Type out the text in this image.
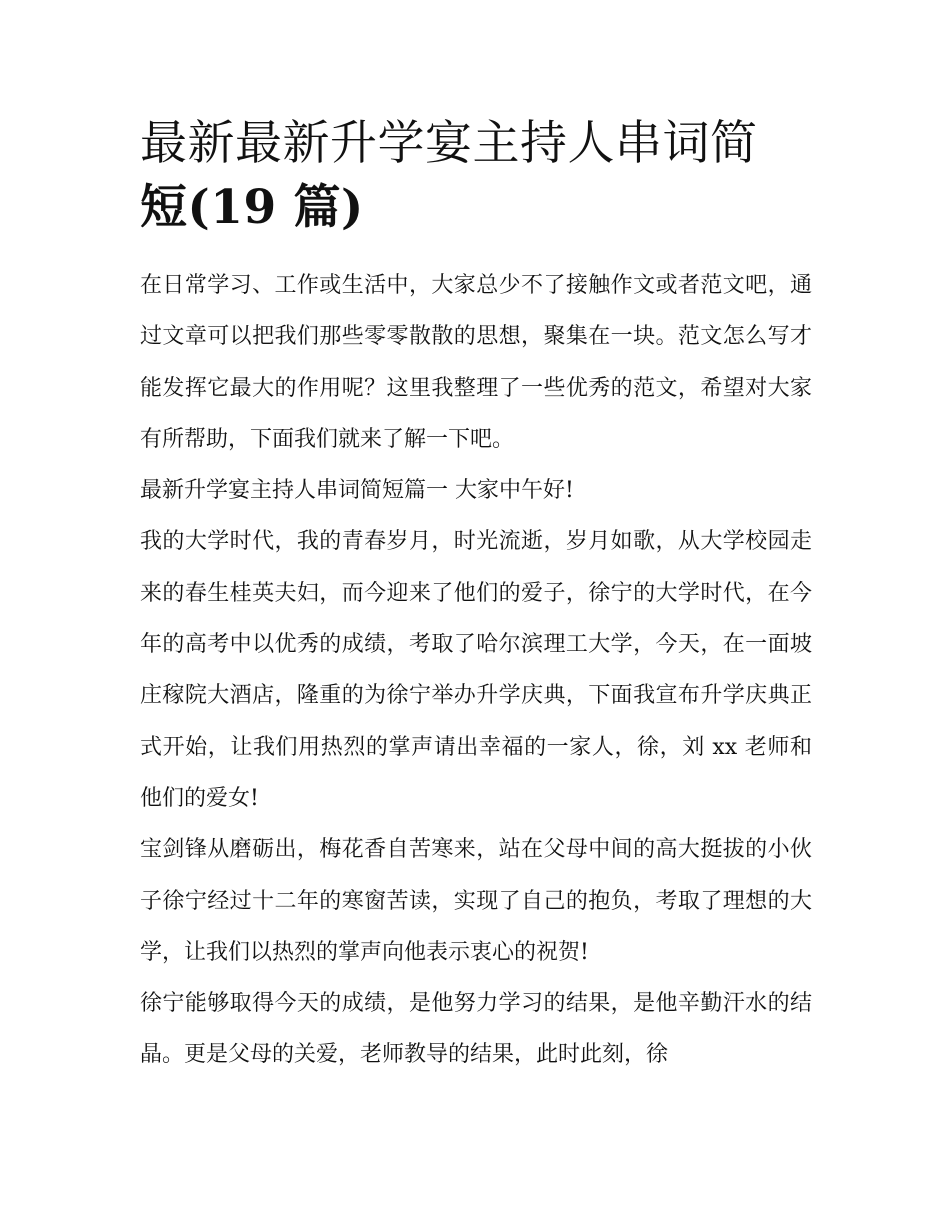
最新最新升学宴主持人串词简
短(19 篇)

在日常学习、工作或生活中，大家总少不了接触作文或者范文吧，通过文章可以把我们那些零零散散的思想，聚集在一块。范文怎么写才能发挥它最大的作用呢？这里我整理了一些优秀的范文，希望对大家有所帮助，下面我们就来了解一下吧。

最新升学宴主持人串词简短篇一 大家中午好!

我的大学时代，我的青春岁月，时光流逝，岁月如歌，从大学校园走来的春生桂英夫妇，而今迎来了他们的爱子，徐宁的大学时代，在今年的高考中以优秀的成绩，考取了哈尔滨理工大学，今天，在一面坡庄稼院大酒店，隆重的为徐宁举办升学庆典，下面我宣布升学庆典正式开始，让我们用热烈的掌声请出幸福的一家人，徐，刘 xx 老师和他们的爱女!

宝剑锋从磨砺出，梅花香自苦寒来，站在父母中间的高大挺拔的小伙子徐宁经过十二年的寒窗苦读，实现了自己的抱负，考取了理想的大学，让我们以热烈的掌声向他表示衷心的祝贺!

徐宁能够取得今天的成绩，是他努力学习的结果，是他辛勤汗水的结晶。更是父母的关爱，老师教导的结果，此时此刻，徐
